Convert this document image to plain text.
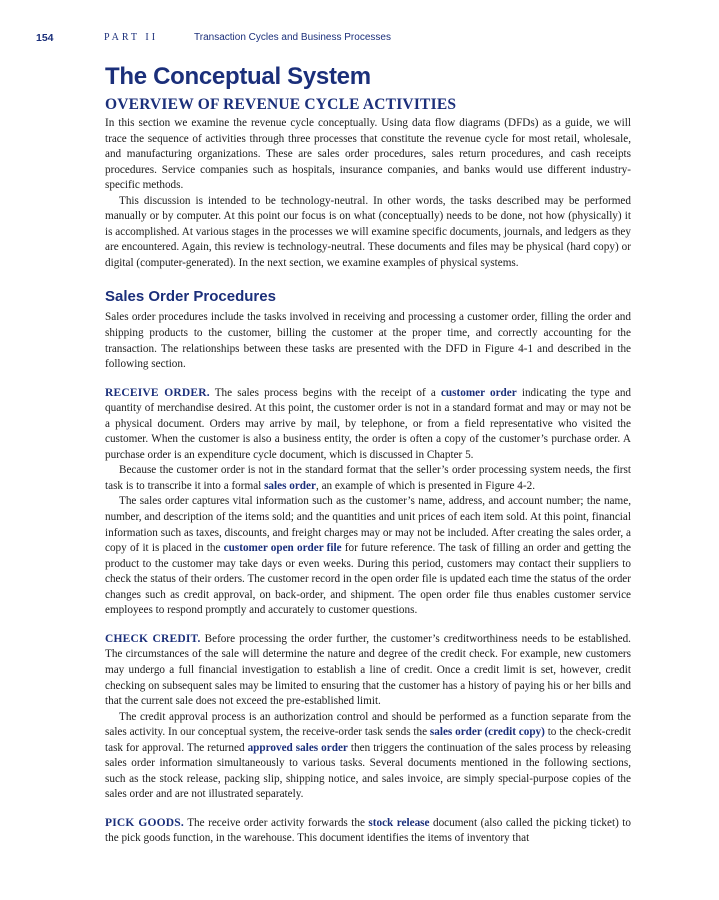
154	PART II	Transaction Cycles and Business Processes
The Conceptual System
OVERVIEW OF REVENUE CYCLE ACTIVITIES

In this section we examine the revenue cycle conceptually. Using data flow diagrams (DFDs) as a guide, we will trace the sequence of activities through three processes that constitute the revenue cycle for most retail, wholesale, and manufacturing organizations. These are sales order procedures, sales return procedures, and cash receipts procedures. Service companies such as hospitals, insurance companies, and banks would use different industry-specific methods.

This discussion is intended to be technology-neutral. In other words, the tasks described may be performed manually or by computer. At this point our focus is on what (conceptually) needs to be done, not how (physically) it is accomplished. At various stages in the processes we will examine specific documents, journals, and ledgers as they are encountered. Again, this review is technology-neutral. These documents and files may be physical (hard copy) or digital (computer-generated). In the next section, we examine examples of physical systems.

Sales Order Procedures

Sales order procedures include the tasks involved in receiving and processing a customer order, filling the order and shipping products to the customer, billing the customer at the proper time, and correctly accounting for the transaction. The relationships between these tasks are presented with the DFD in Figure 4-1 and described in the following section.

RECEIVE ORDER. The sales process begins with the receipt of a customer order indicating the type and quantity of merchandise desired. At this point, the customer order is not in a standard format and may or may not be a physical document. Orders may arrive by mail, by telephone, or from a field representative who visited the customer. When the customer is also a business entity, the order is often a copy of the customer’s purchase order. A purchase order is an expenditure cycle document, which is discussed in Chapter 5.

Because the customer order is not in the standard format that the seller’s order processing system needs, the first task is to transcribe it into a formal sales order, an example of which is presented in Figure 4-2.

The sales order captures vital information such as the customer’s name, address, and account number; the name, number, and description of the items sold; and the quantities and unit prices of each item sold. At this point, financial information such as taxes, discounts, and freight charges may or may not be included. After creating the sales order, a copy of it is placed in the customer open order file for future reference. The task of filling an order and getting the product to the customer may take days or even weeks. During this period, customers may contact their suppliers to check the status of their orders. The customer record in the open order file is updated each time the status of the order changes such as credit approval, on back-order, and shipment. The open order file thus enables customer service employees to respond promptly and accurately to customer questions.

CHECK CREDIT. Before processing the order further, the customer’s creditworthiness needs to be established. The circumstances of the sale will determine the nature and degree of the credit check. For example, new customers may undergo a full financial investigation to establish a line of credit. Once a credit limit is set, however, credit checking on subsequent sales may be limited to ensuring that the customer has a history of paying his or her bills and that the current sale does not exceed the pre-established limit.

The credit approval process is an authorization control and should be performed as a function separate from the sales activity. In our conceptual system, the receive-order task sends the sales order (credit copy) to the check-credit task for approval. The returned approved sales order then triggers the continuation of the sales process by releasing sales order information simultaneously to various tasks. Several documents mentioned in the following sections, such as the stock release, packing slip, shipping notice, and sales invoice, are simply special-purpose copies of the sales order and are not illustrated separately.

PICK GOODS. The receive order activity forwards the stock release document (also called the picking ticket) to the pick goods function, in the warehouse. This document identifies the items of inventory that
